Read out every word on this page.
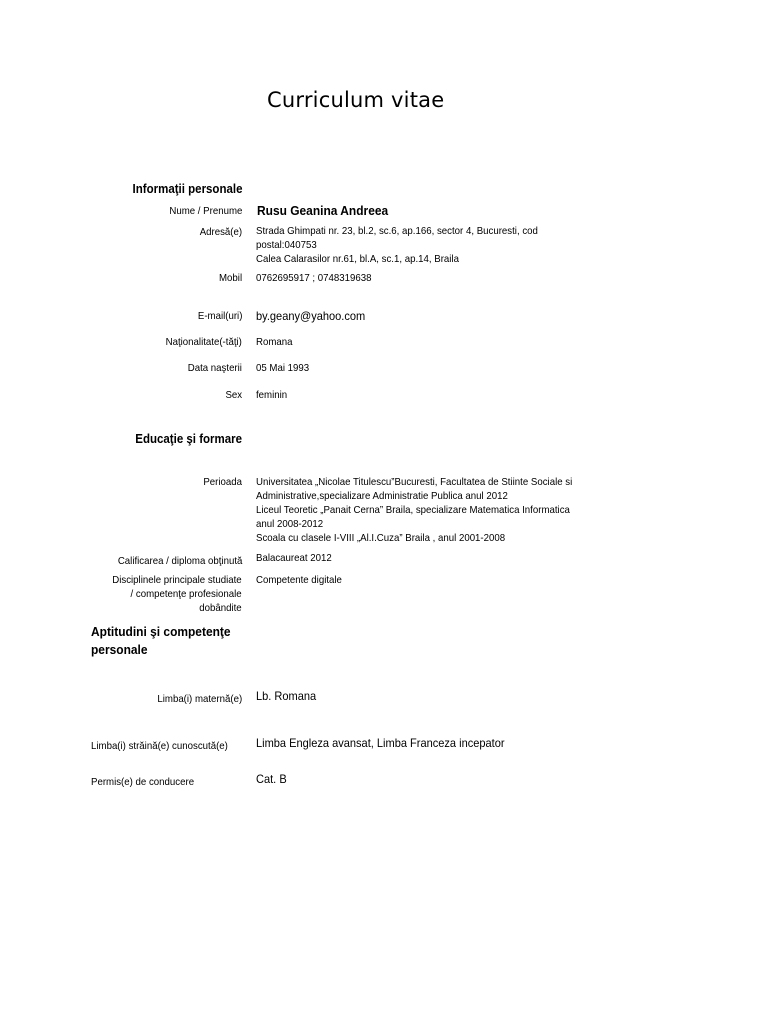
Curriculum vitae
Informaţii personale
Nume / Prenume Rusu Geanina Andreea
Adresă(e) Strada Ghimpati nr. 23, bl.2, sc.6, ap.166, sector 4, Bucuresti, cod
postal:040753
Calea Calarasilor nr.61, bl.A, sc.1, ap.14, Braila
Mobil 0762695917 ; 0748319638
E-mail(uri) by.geany@yahoo.com
Naţionalitate(-tăţi) Romana
Data naşterii 05 Mai 1993
Sex feminin
Educaţie şi formare
Perioada Universitatea „Nicolae Titulescu”Bucuresti, Facultatea de Stiinte Sociale si
Administrative,specializare Administratie Publica anul 2012
Liceul Teoretic „Panait Cerna” Braila, specializare Matematica Informatica
anul 2008-2012
Scoala cu clasele I-VIII „Al.I.Cuza” Braila , anul 2001-2008
Calificarea / diploma obţinută Balacaureat 2012
Disciplinele principale studiate
/ competenţe profesionale
dobândite
Competente digitale
Aptitudini şi competenţe
personale
Limba(i) maternă(e) Lb. Romana
Limba(i) străină(e) cunoscută(e) Limba Engleza avansat, Limba Franceza incepator
Permis(e) de conducere	Cat. B
